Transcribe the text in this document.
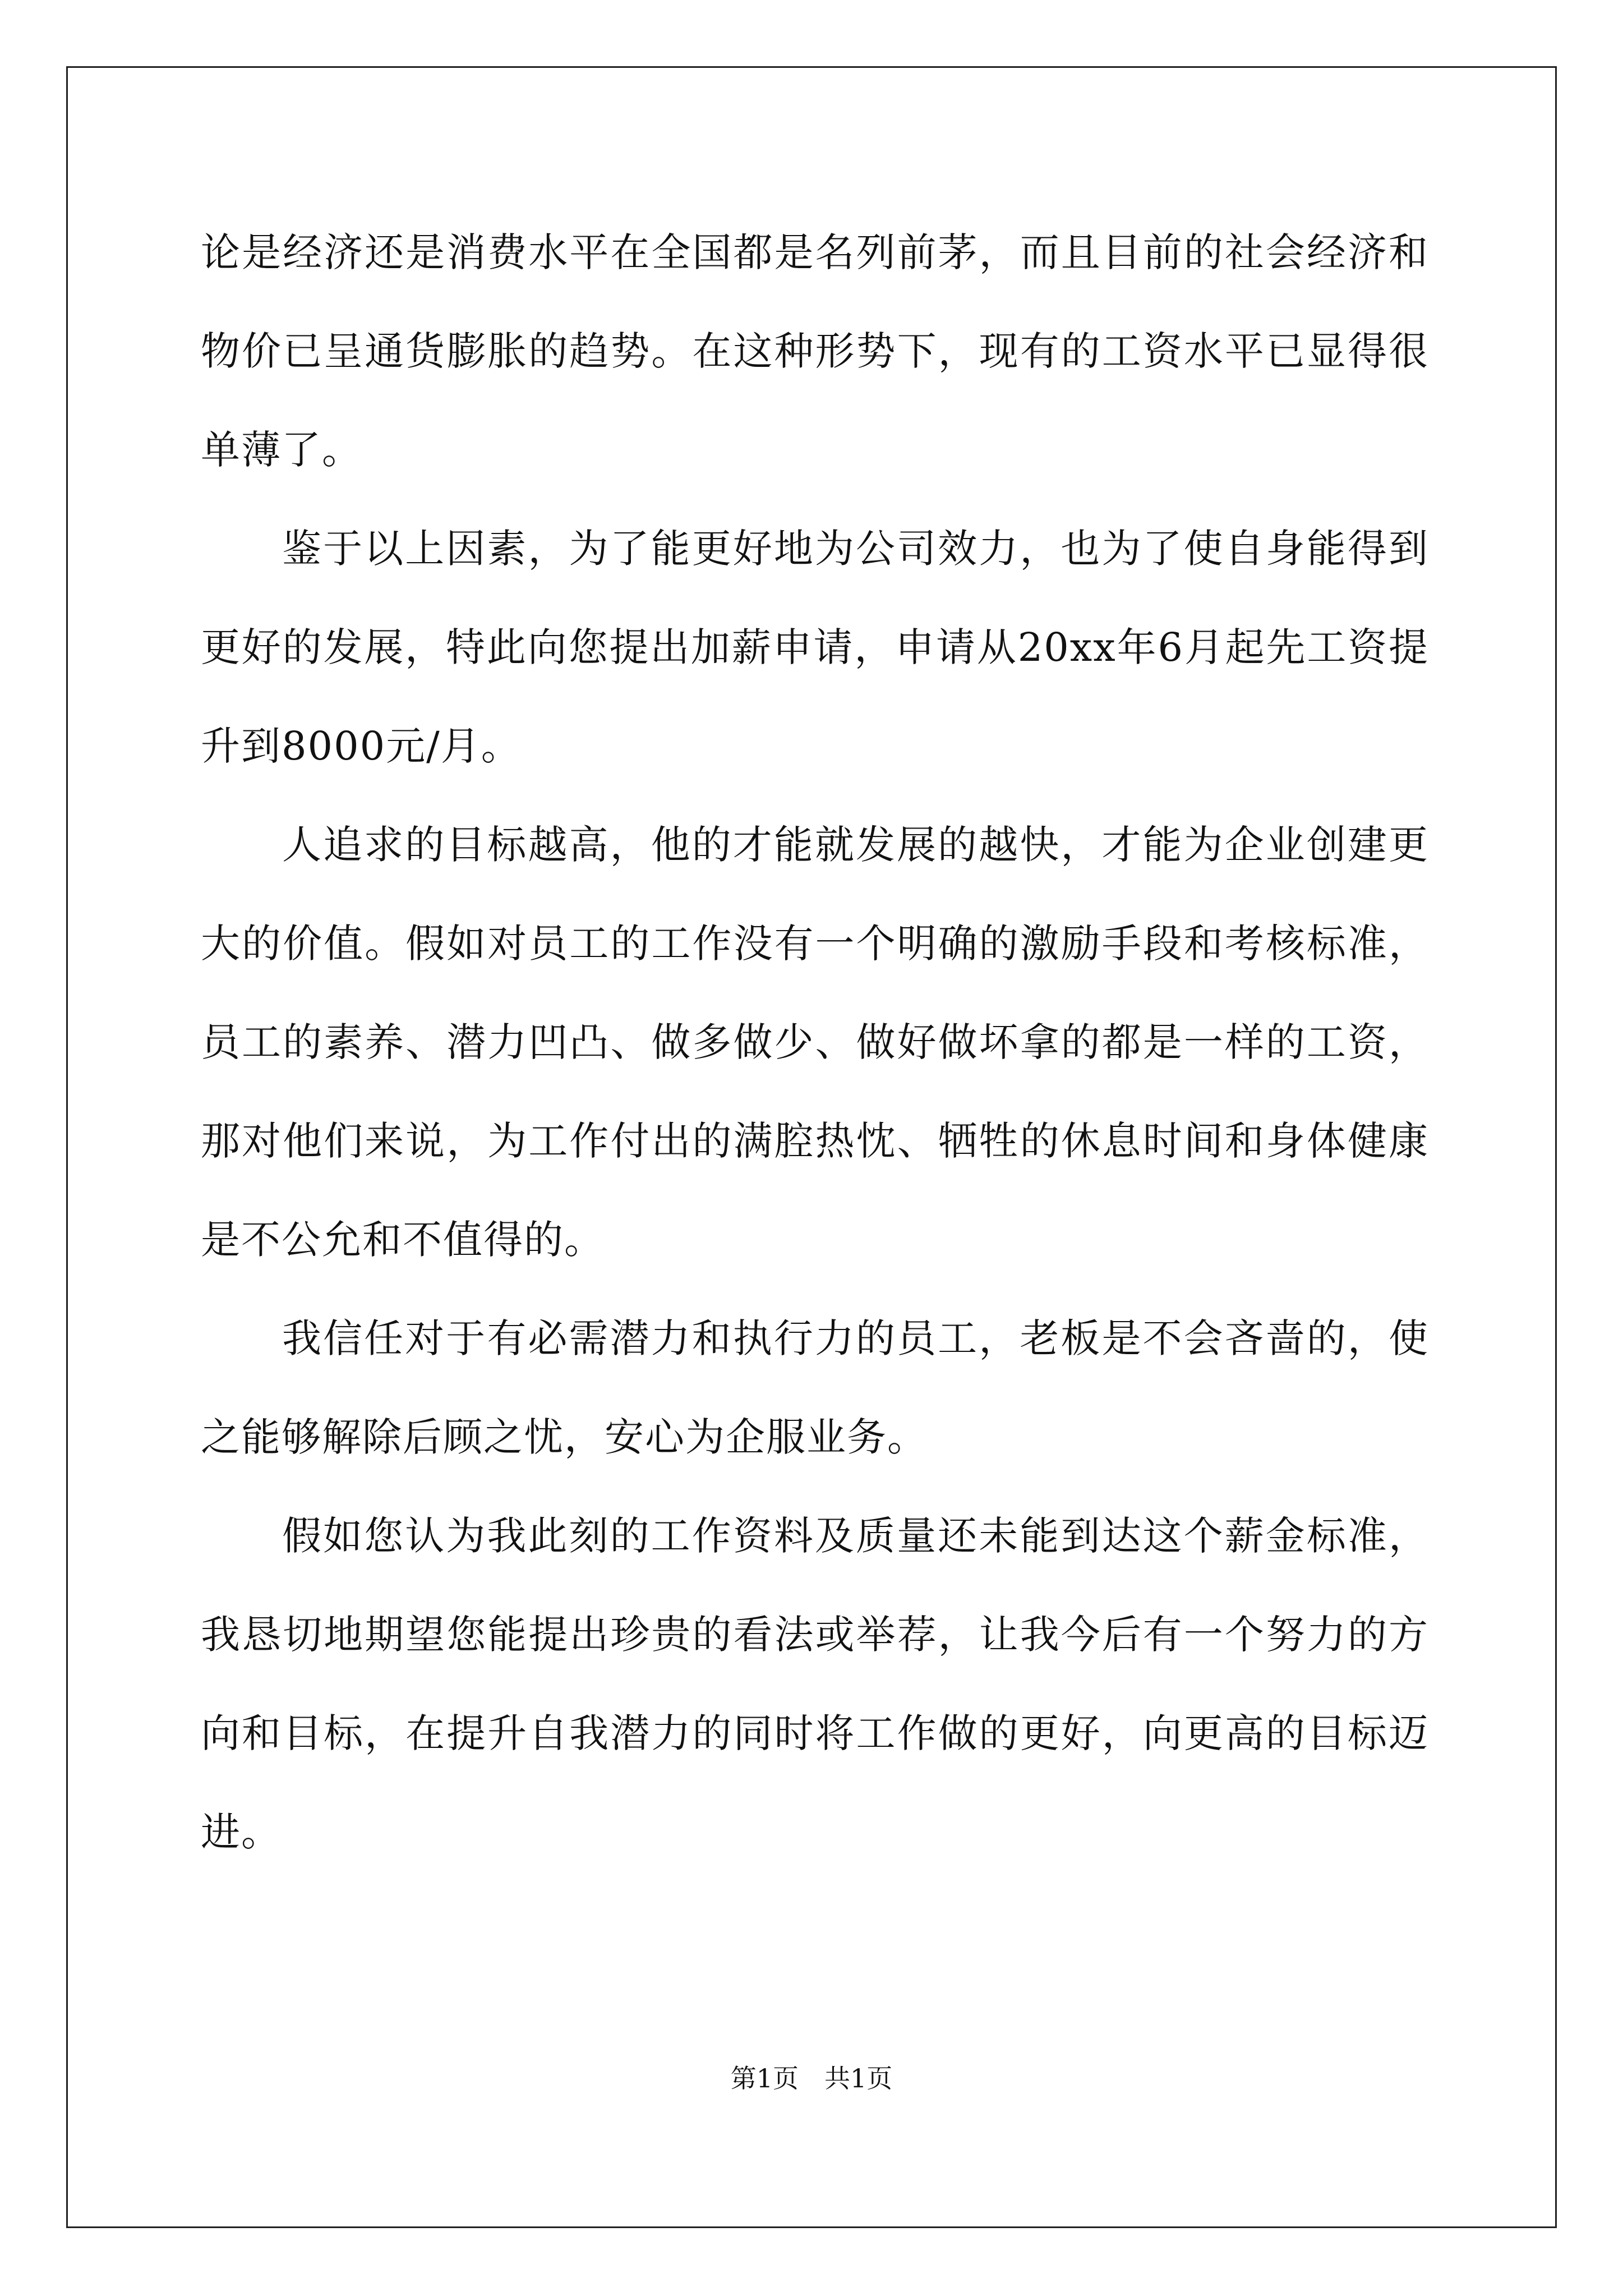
论是经济还是消费水平在全国都是名列前茅，而且目前的社会经济和物价已呈通货膨胀的趋势。在这种形势下，现有的工资水平已显得很单薄了。

鉴于以上因素，为了能更好地为公司效力，也为了使自身能得到更好的发展，特此向您提出加薪申请，申请从20xx年6月起先工资提升到8000元/月。

人追求的目标越高，他的才能就发展的越快，才能为企业创建更大的价值。假如对员工的工作没有一个明确的激励手段和考核标准，员工的素养、潜力凹凸、做多做少、做好做坏拿的都是一样的工资，那对他们来说，为工作付出的满腔热忱、牺牲的休息时间和身体健康是不公允和不值得的。

我信任对于有必需潜力和执行力的员工，老板是不会吝啬的，使之能够解除后顾之忧，安心为企服业务。

假如您认为我此刻的工作资料及质量还未能到达这个薪金标准，我恳切地期望您能提出珍贵的看法或举荐，让我今后有一个努力的方向和目标，在提升自我潜力的同时将工作做的更好，向更高的目标迈进。

第1页　共1页
